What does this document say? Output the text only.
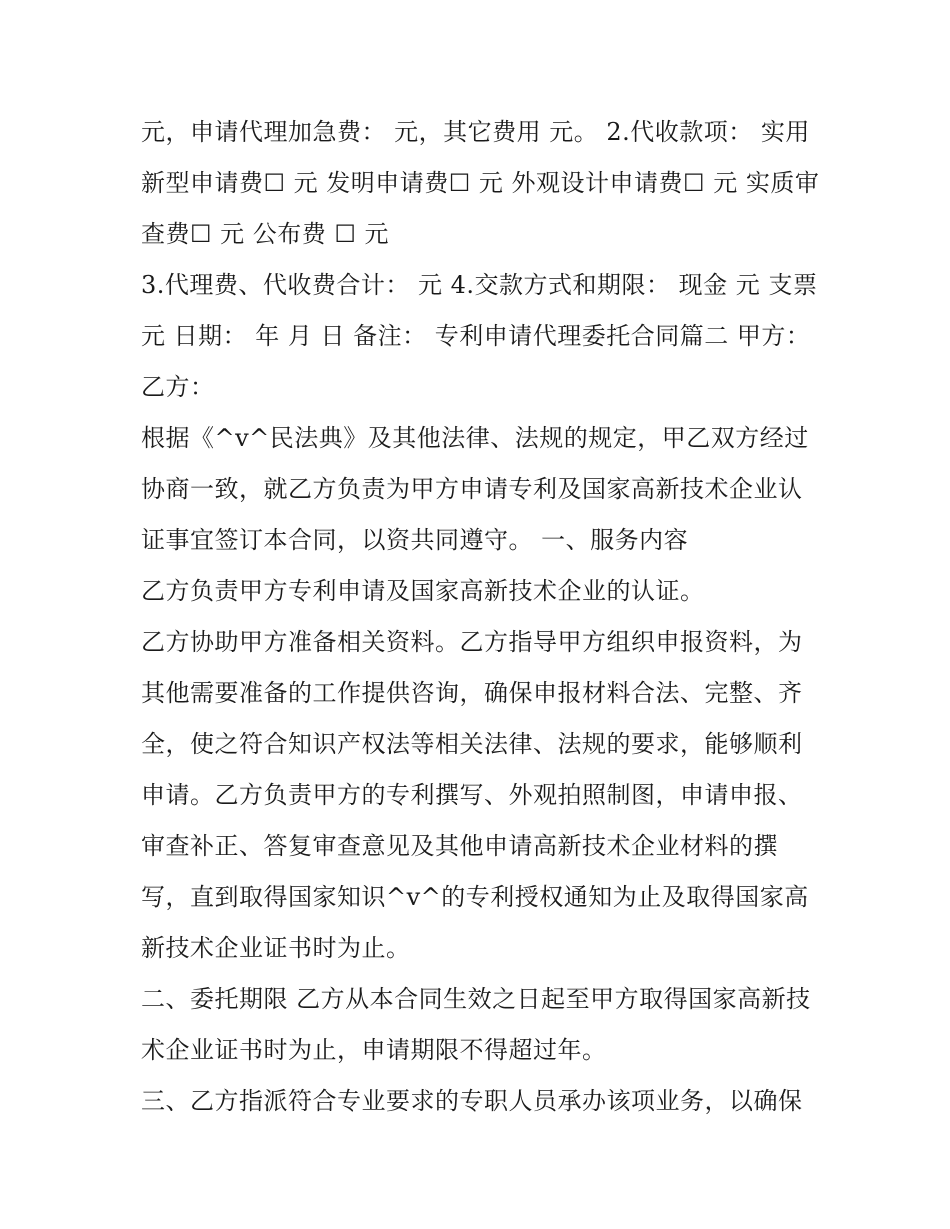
元，申请代理加急费： 元，其它费用 元。 2.代收款项： 实用新型申请费☐ 元 发明申请费☐ 元 外观设计申请费☐ 元 实质审查费☐ 元 公布费 ☐ 元

3.代理费、代收费合计： 元 4.交款方式和期限： 现金 元 支票 元 日期： 年 月 日 备注： 专利申请代理委托合同篇二 甲方： 乙方：

根据《^v^民法典》及其他法律、法规的规定，甲乙双方经过协商一致，就乙方负责为甲方申请专利及国家高新技术企业认证事宜签订本合同，以资共同遵守。 一、服务内容

乙方负责甲方专利申请及国家高新技术企业的认证。

乙方协助甲方准备相关资料。乙方指导甲方组织申报资料，为其他需要准备的工作提供咨询，确保申报材料合法、完整、齐全，使之符合知识产权法等相关法律、法规的要求，能够顺利申请。乙方负责甲方的专利撰写、外观拍照制图，申请申报、审查补正、答复审查意见及其他申请高新技术企业材料的撰写，直到取得国家知识^v^的专利授权通知为止及取得国家高新技术企业证书时为止。

二、委托期限 乙方从本合同生效之日起至甲方取得国家高新技术企业证书时为止，申请期限不得超过年。

三、乙方指派符合专业要求的专职人员承办该项业务，以确保
